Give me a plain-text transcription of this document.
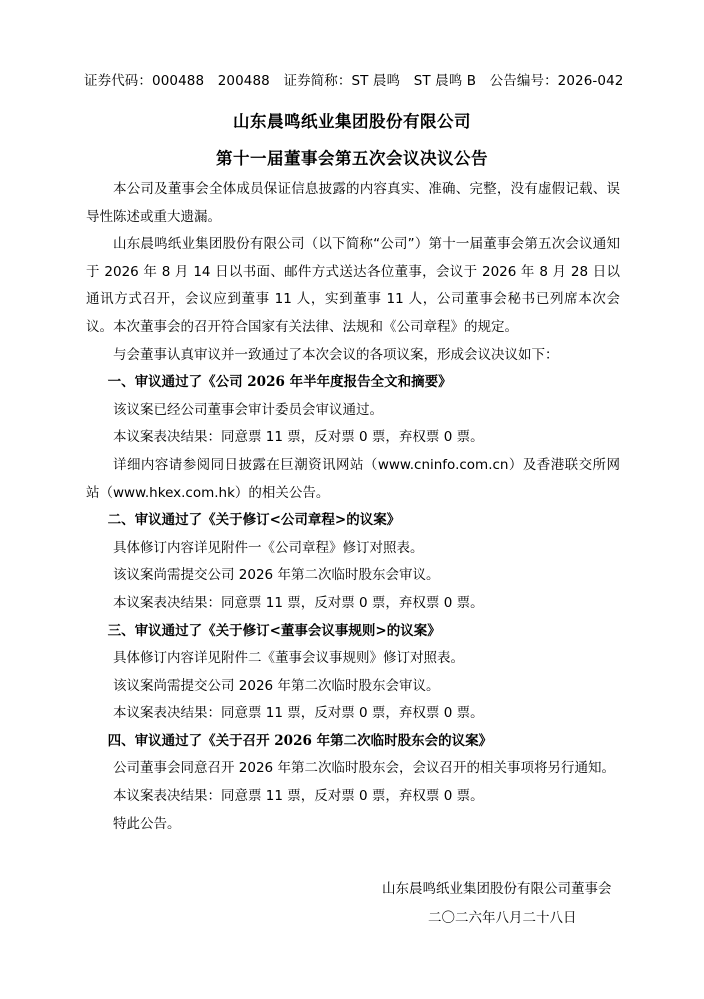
证券代码：000488　200488　 证券简称：ST 晨鸣　ST 晨鸣 B　 公告编号：2026-042
山东晨鸣纸业集团股份有限公司
第十一届董事会第五次会议决议公告

本公司及董事会全体成员保证信息披露的内容真实、准确、完整，没有虚假记载、误导性陈述或重大遗漏。

山东晨鸣纸业集团股份有限公司（以下简称“公司”）第十一届董事会第五次会议通知于 2026 年 8 月 14 日以书面、邮件方式送达各位董事，会议于 2026 年 8 月 28 日以通讯方式召开，会议应到董事 11 人，实到董事 11 人，公司董事会秘书已列席本次会议。本次董事会的召开符合国家有关法律、法规和《公司章程》的规定。

与会董事认真审议并一致通过了本次会议的各项议案，形成会议决议如下：

一、审议通过了《公司 2026 年半年度报告全文和摘要》

该议案已经公司董事会审计委员会审议通过。

本议案表决结果：同意票 11 票，反对票 0 票，弃权票 0 票。

详细内容请参阅同日披露在巨潮资讯网站（www.cninfo.com.cn）及香港联交所网站（www.hkex.com.hk）的相关公告。

二、审议通过了《关于修订<公司章程>的议案》

具体修订内容详见附件一《公司章程》修订对照表。

该议案尚需提交公司 2026 年第二次临时股东会审议。

本议案表决结果：同意票 11 票，反对票 0 票，弃权票 0 票。

三、审议通过了《关于修订<董事会议事规则>的议案》

具体修订内容详见附件二《董事会议事规则》修订对照表。

该议案尚需提交公司 2026 年第二次临时股东会审议。

本议案表决结果：同意票 11 票，反对票 0 票，弃权票 0 票。

四、审议通过了《关于召开 2026 年第二次临时股东会的议案》

公司董事会同意召开 2026 年第二次临时股东会，会议召开的相关事项将另行通知。

本议案表决结果：同意票 11 票，反对票 0 票，弃权票 0 票。

特此公告。

山东晨鸣纸业集团股份有限公司董事会
二〇二六年八月二十八日
